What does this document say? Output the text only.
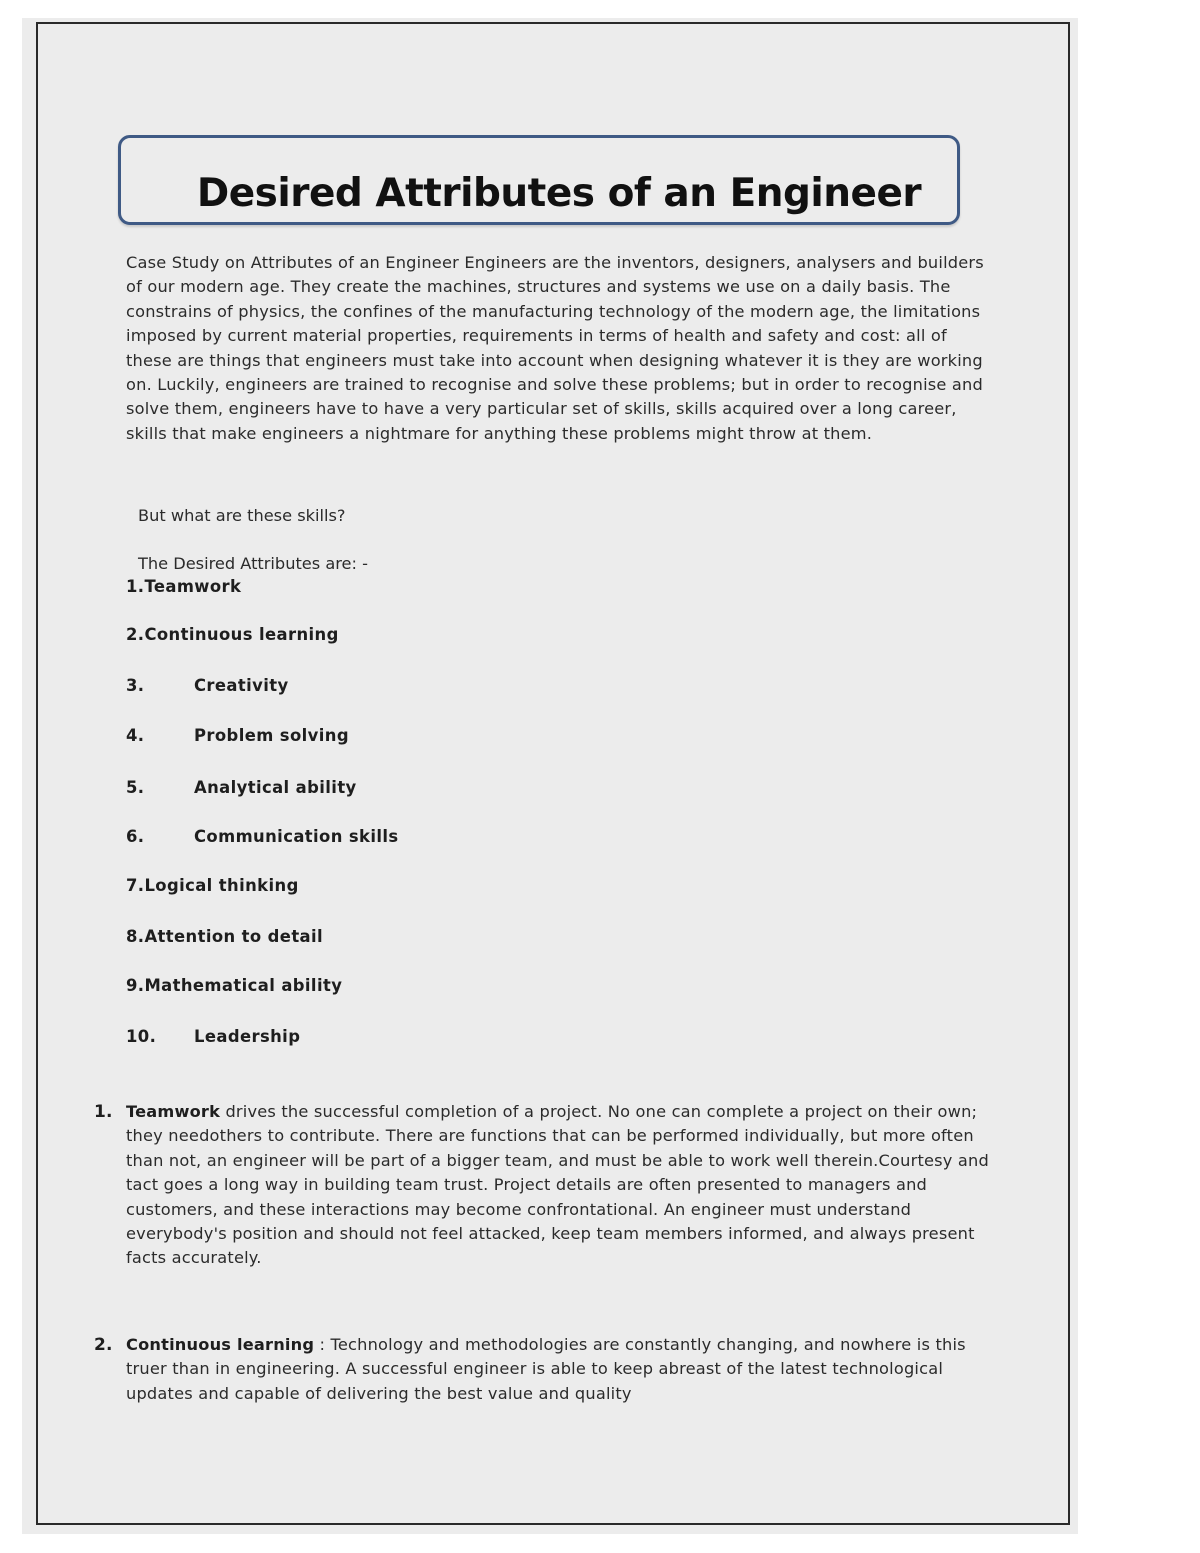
Desired Attributes of an Engineer
Case Study on Attributes of an Engineer Engineers are the inventors, designers, analysers and builders of our modern age. They create the machines, structures and systems we use on a daily basis. The constrains of physics, the confines of the manufacturing technology of the modern age, the limitations imposed by current material properties, requirements in terms of health and safety and cost: all of these are things that engineers must take into account when designing whatever it is they are working on. Luckily, engineers are trained to recognise and solve these problems; but in order to recognise and solve them, engineers have to have a very particular set of skills, skills acquired over a long career, skills that make engineers a nightmare for anything these problems might throw at them.
But what are these skills?
The Desired Attributes are: -
1.Teamwork
2.Continuous learning
3.	Creativity
4.	Problem solving
5.	Analytical ability
6.	Communication skills
7.Logical thinking
8.Attention to detail
9.Mathematical ability
10. Leadership
1. Teamwork drives the successful completion of a project. No one can complete a project on their own; they needothers to contribute. There are functions that can be performed individually, but more often than not, an engineer will be part of a bigger team, and must be able to work well therein.Courtesy and tact goes a long way in building team trust. Project details are often presented to managers and customers, and these interactions may become confrontational. An engineer must understand everybody's position and should not feel attacked, keep team members informed, and always present facts accurately.
2. Continuous learning : Technology and methodologies are constantly changing, and nowhere is this truer than in engineering. A successful engineer is able to keep abreast of the latest technological updates and capable of delivering the best value and quality
